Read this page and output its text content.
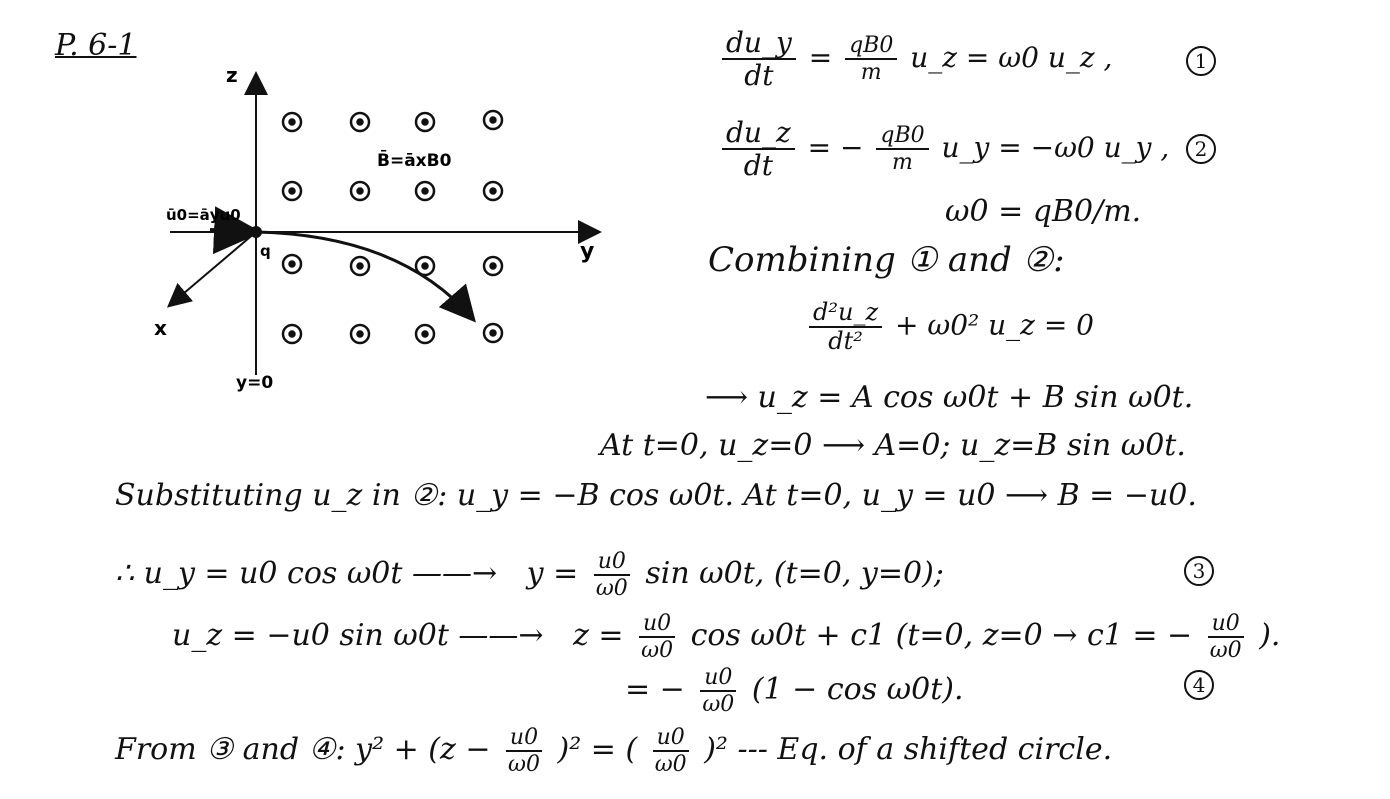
P. 6-1
z
y
x
B̄=āxB0
ū0=āyu0
q
y=0
$\frac{du\_y}{dt} = \frac{qB0}{m}$ u_z = ω0 u_z ,	1
$\frac{du\_z}{dt}$ = − $\frac{qB0}{m}$ u_y = −ω0 u_y ,	2
ω0 = qB0/m.
Combining ① and ②:
$\frac{\text{d²u\_z}}{\text{dt²}} + \omega 0^2$ u_z = 0
⟶ u_z = A cos ω0t + B sin ω0t.
At t=0, u_z=0 ⟶ A=0; u_z=B sin ω0t.
Substituting u_z in ②: u_y = −B cos ω0t. At t=0, u_y = u0 ⟶ B = −u0.
∴ u_y = u0 cos ω0t ——→ $y = \frac{u0}{\omega 0}$ sin ω0t, (t=0, y=0);	3
u_z = −u0 sin ω0t ——→ $z = \frac{u0}{\omega 0}$ cos ω0t + c1 (t=0, z=0 → c1 = − $\frac{u0}{\omega 0}$ ).
= − $\frac{u0}{\omega 0} (1 - \cos \omega 0t)$.	4
From ③ and ④: $y^2 + (z - \frac{u0}{\omega 0} )^2$ = ( $\frac{u0}{\omega 0} )^2$ --- Eq. of a shifted circle.
